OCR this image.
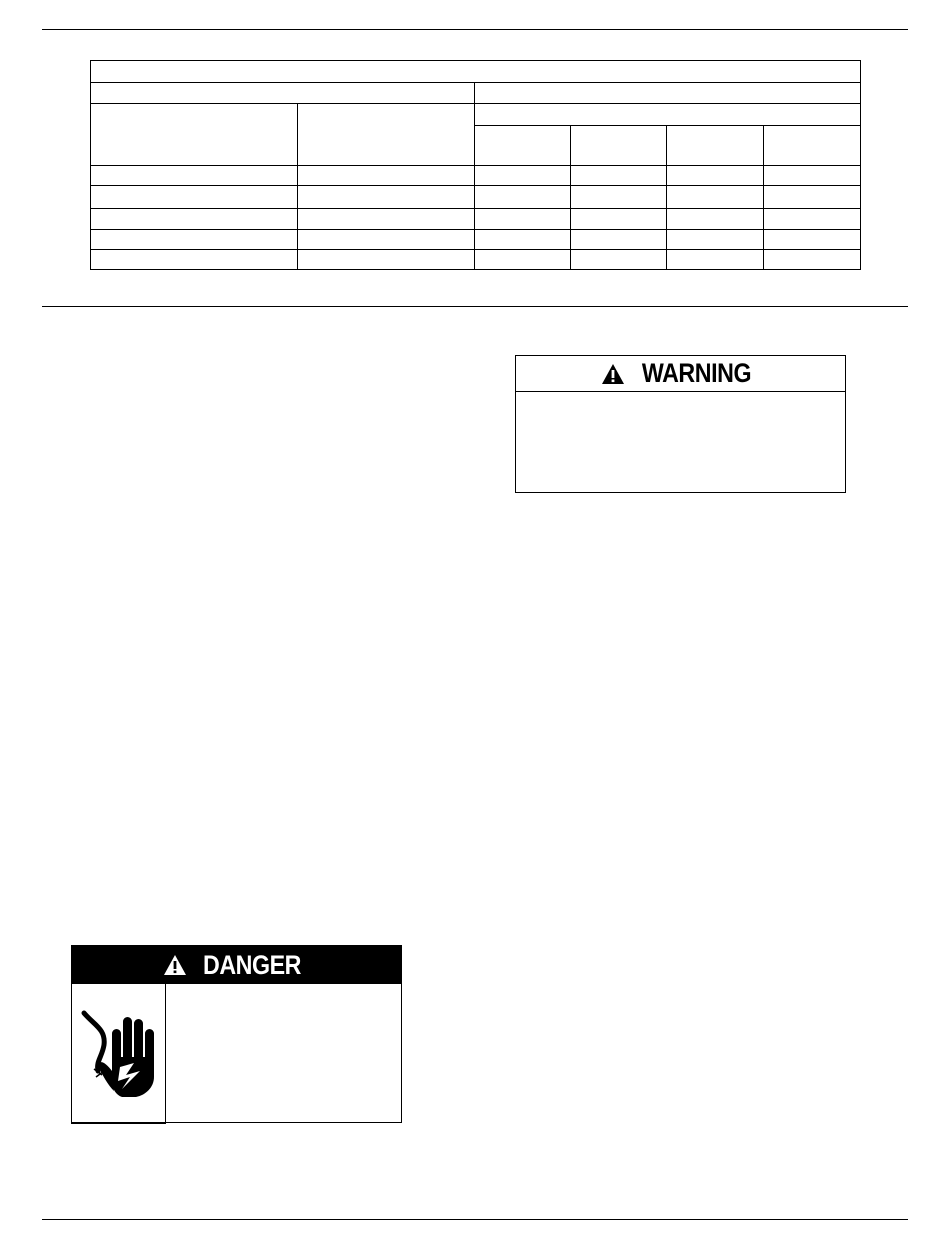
WARNING
DANGER
